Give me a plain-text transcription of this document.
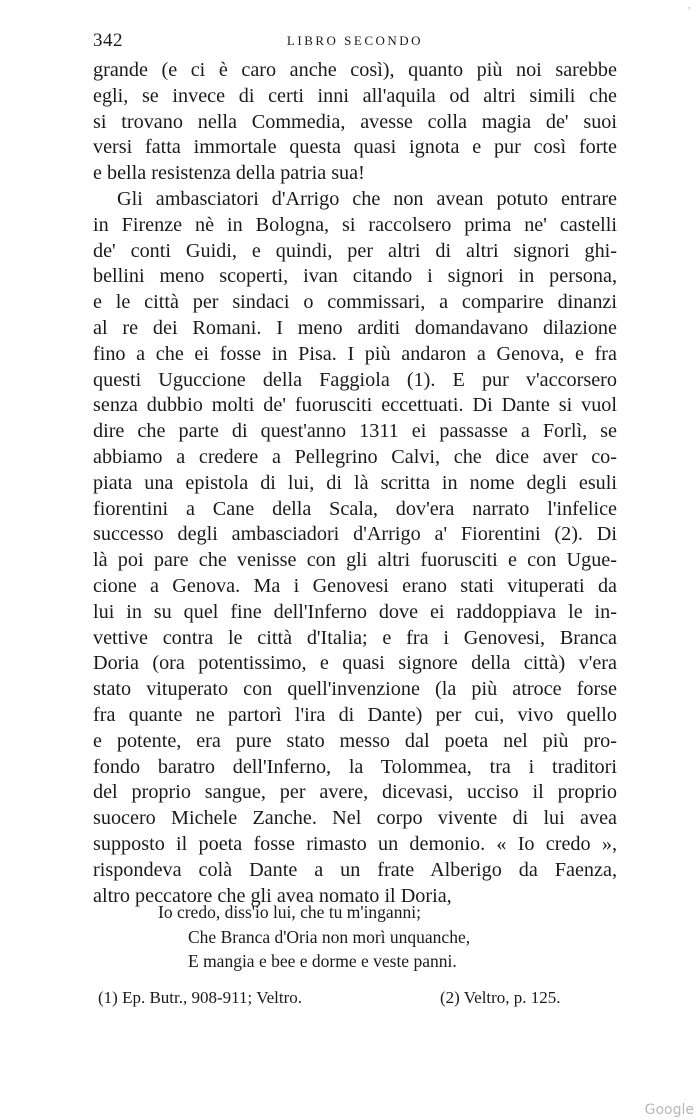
342	LIBRO SECONDO
grande (e ci è caro anche così), quanto più noi sarebbe
egli, se invece di certi inni all'aquila od altri simili che
si trovano nella Commedia, avesse colla magia de' suoi
versi fatta immortale questa quasi ignota e pur così forte
e bella resistenza della patria sua!
Gli ambasciatori d'Arrigo che non avean potuto entrare
in Firenze nè in Bologna, si raccolsero prima ne' castelli
de' conti Guidi, e quindi, per altri di altri signori ghi-
bellini meno scoperti, ivan citando i signori in persona,
e le città per sindaci o commissari, a comparire dinanzi
al re dei Romani. I meno arditi domandavano dilazione
fino a che ei fosse in Pisa. I più andaron a Genova, e fra
questi Uguccione della Faggiola (1). E pur v'accorsero
senza dubbio molti de' fuorusciti eccettuati. Di Dante si vuol
dire che parte di quest'anno 1311 ei passasse a Forlì, se
abbiamo a credere a Pellegrino Calvi, che dice aver co-
piata una epistola di lui, di là scritta in nome degli esuli
fiorentini a Cane della Scala, dov'era narrato l'infelice
successo degli ambasciadori d'Arrigo a' Fiorentini (2). Di
là poi pare che venisse con gli altri fuorusciti e con Ugue-
cione a Genova. Ma i Genovesi erano stati vituperati da
lui in su quel fine dell'Inferno dove ei raddoppiava le in-
vettive contra le città d'Italia; e fra i Genovesi, Branca
Doria (ora potentissimo, e quasi signore della città) v'era
stato vituperato con quell'invenzione (la più atroce forse
fra quante ne partorì l'ira di Dante) per cui, vivo quello
e potente, era pure stato messo dal poeta nel più pro-
fondo baratro dell'Inferno, la Tolommea, tra i traditori
del proprio sangue, per avere, dicevasi, ucciso il proprio
suocero Michele Zanche. Nel corpo vivente di lui avea
supposto il poeta fosse rimasto un demonio. « Io credo »,
rispondeva colà Dante a un frate Alberigo da Faenza,
altro peccatore che gli avea nomato il Doria,
Io credo, diss'io lui, che tu m'inganni;
Che Branca d'Oria non morì unquanche,
E mangia e bee e dorme e veste panni.
(1) Ep. Butr., 908-911; Veltro.	(2) Veltro, p. 125.
'
Google
